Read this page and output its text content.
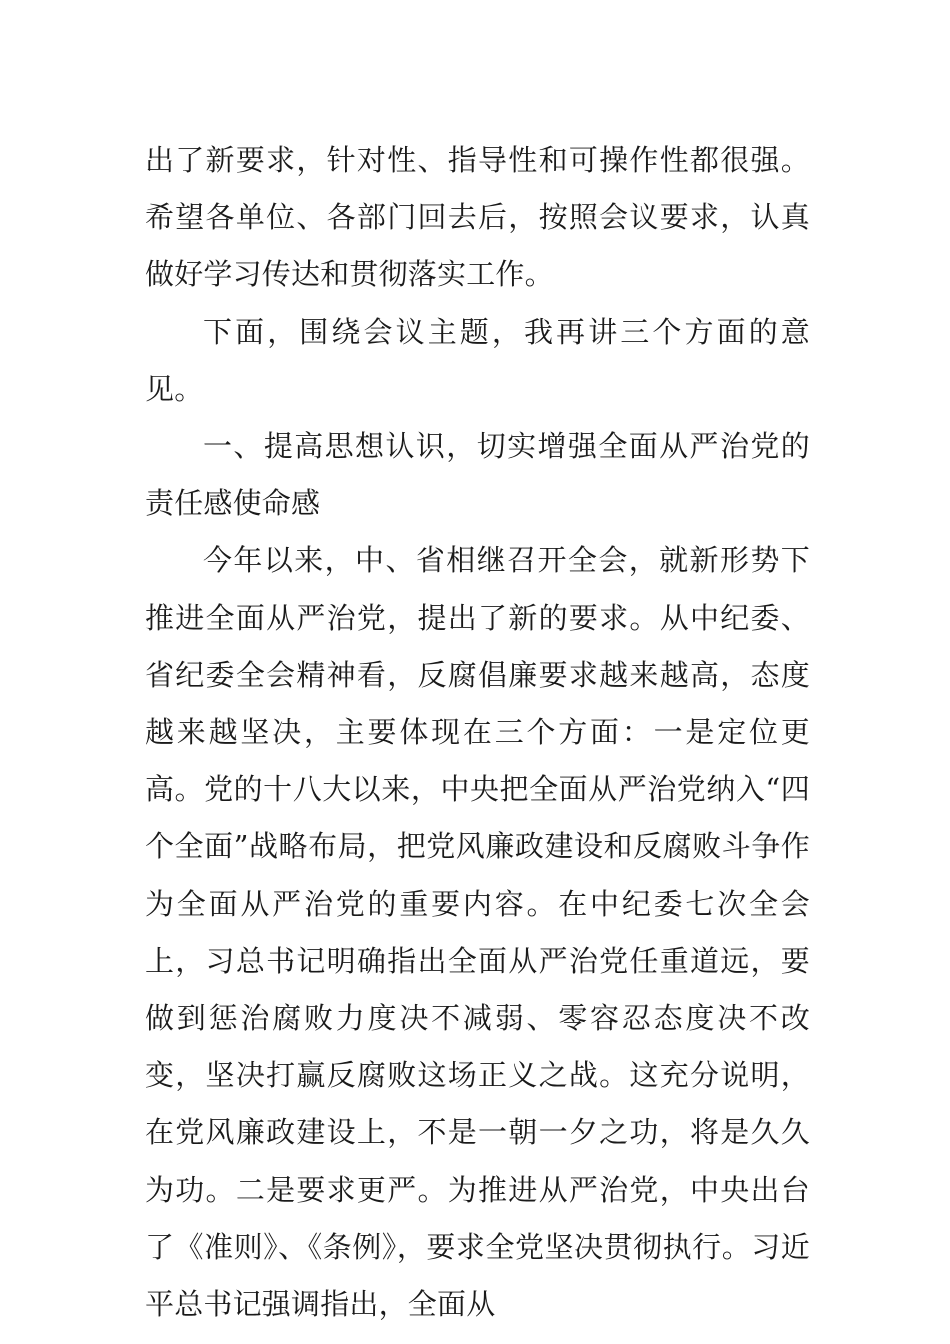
出了新要求，针对性、指导性和可操作性都很强。希望各单位、各部门回去后，按照会议要求，认真做好学习传达和贯彻落实工作。

下面，围绕会议主题，我再讲三个方面的意见。

一、提高思想认识，切实增强全面从严治党的责任感使命感

今年以来，中、省相继召开全会，就新形势下推进全面从严治党，提出了新的要求。从中纪委、省纪委全会精神看，反腐倡廉要求越来越高，态度越来越坚决，主要体现在三个方面：一是定位更高。党的十八大以来，中央把全面从严治党纳入“四个全面”战略布局，把党风廉政建设和反腐败斗争作为全面从严治党的重要内容。在中纪委七次全会上，习总书记明确指出全面从严治党任重道远，要做到惩治腐败力度决不减弱、零容忍态度决不改变，坚决打赢反腐败这场正义之战。这充分说明，在党风廉政建设上，不是一朝一夕之功，将是久久为功。二是要求更严。为推进从严治党，中央出台了《准则》、《条例》，要求全党坚决贯彻执行。习近平总书记强调指出，全面从
